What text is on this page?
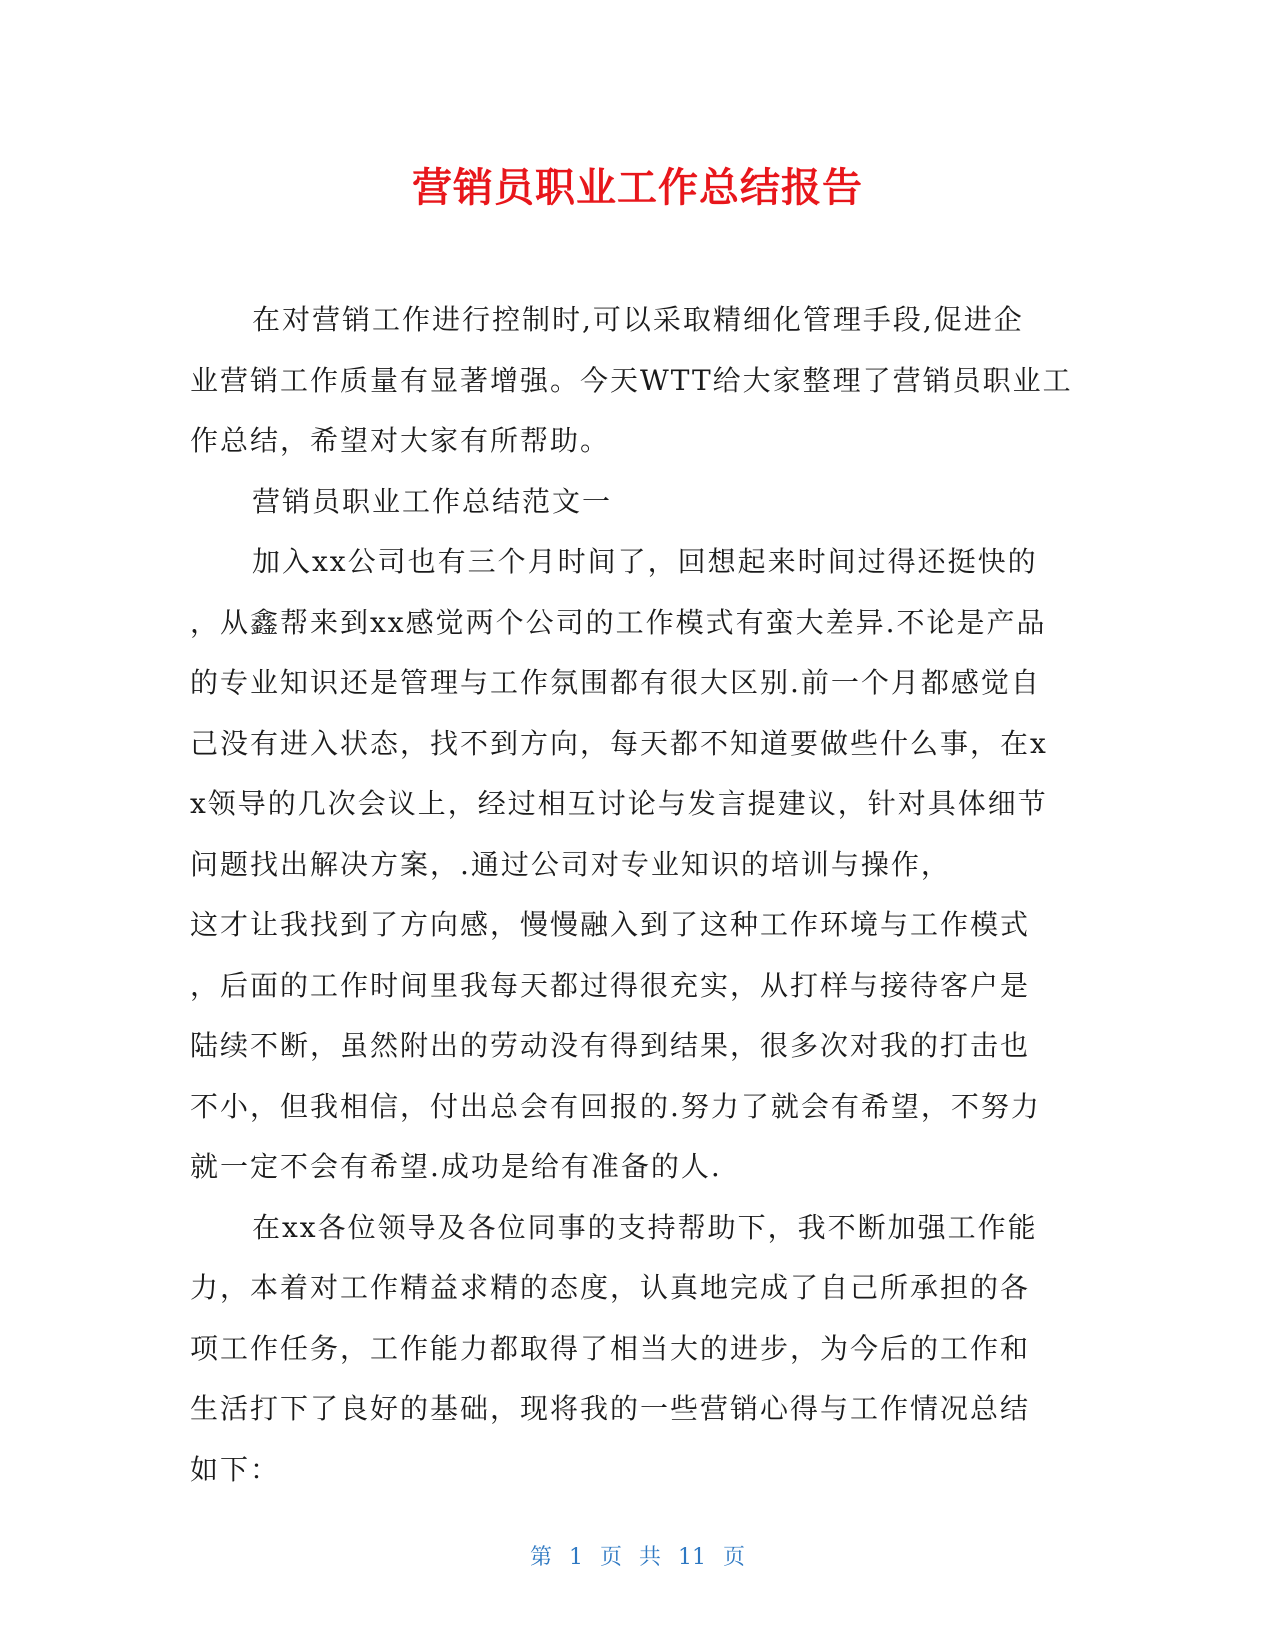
营销员职业工作总结报告
在对营销工作进行控制时,可以采取精细化管理手段,促进企
业营销工作质量有显著增强。今天WTT给大家整理了营销员职业工
作总结，希望对大家有所帮助。
营销员职业工作总结范文一
加入xx公司也有三个月时间了，回想起来时间过得还挺快的
，从鑫帮来到xx感觉两个公司的工作模式有蛮大差异.不论是产品
的专业知识还是管理与工作氛围都有很大区别.前一个月都感觉自
己没有进入状态，找不到方向，每天都不知道要做些什么事，在x
x领导的几次会议上，经过相互讨论与发言提建议，针对具体细节
问题找出解决方案，.通过公司对专业知识的培训与操作，
这才让我找到了方向感，慢慢融入到了这种工作环境与工作模式
，后面的工作时间里我每天都过得很充实，从打样与接待客户是
陆续不断，虽然附出的劳动没有得到结果，很多次对我的打击也
不小，但我相信，付出总会有回报的.努力了就会有希望，不努力
就一定不会有希望.成功是给有准备的人.
在xx各位领导及各位同事的支持帮助下，我不断加强工作能
力，本着对工作精益求精的态度，认真地完成了自己所承担的各
项工作任务，工作能力都取得了相当大的进步，为今后的工作和
生活打下了良好的基础，现将我的一些营销心得与工作情况总结
如下：
第 1 页 共 11 页
